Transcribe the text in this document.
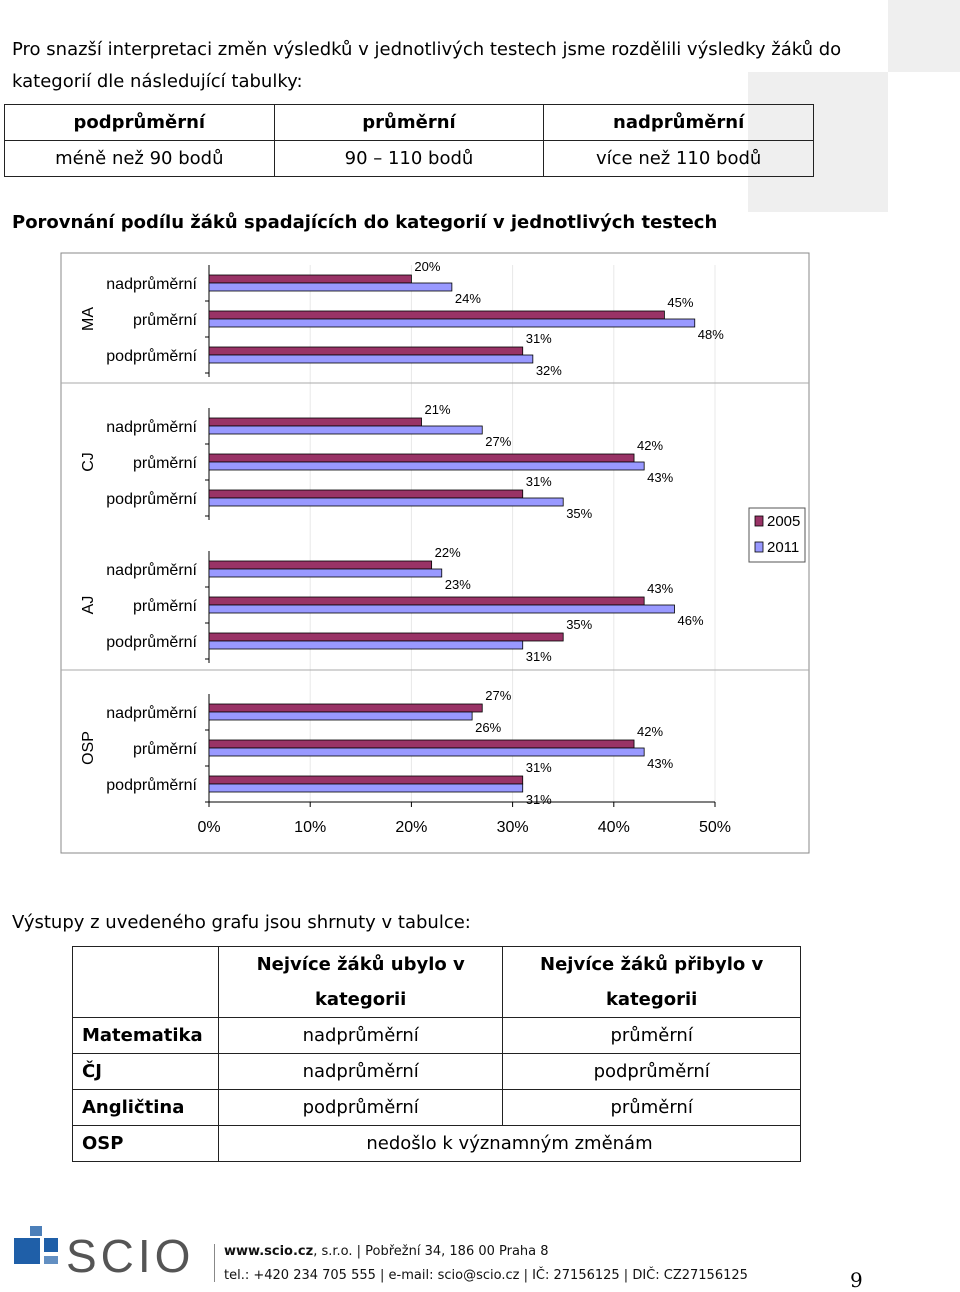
Pro snazší interpretaci změn výsledků v jednotlivých testech jsme rozdělili výsledky žáků do
kategorií dle následující tabulky:
podprůměrní	průměrní	nadprůměrní
méně než 90 bodů	90 – 110 bodů	více než 110 bodů
Porovnání podílu žáků spadajících do kategorií v jednotlivých testech
MA
nadprůměrní
20%
24%
průměrní
45%
48%
podprůměrní
31%
32%
CJ
nadprůměrní
21%
27%
průměrní
42%
43%
podprůměrní
31%
35%
AJ
nadprůměrní
22%
23%
průměrní
43%
46%
podprůměrní
35%
31%
OSP
nadprůměrní
27%
26%
průměrní
42%
43%
podprůměrní
31%
31%
0%	10%	20%	30%	40%	50%
2005
2011
Výstupy z uvedeného grafu jsou shrnuty v tabulce:
	Nejvíce žáků ubylo v kategorii	Nejvíce žáků přibylo v kategorii
Matematika	nadprůměrní	průměrní
ČJ	nadprůměrní	podprůměrní
Angličtina	podprůměrní	průměrní
OSP	nedošlo k významným změnám	
SCIO www.scio.cz, s.r.o. | Pobřežní 34, 186 00 Praha 8
tel.: +420 234 705 555 | e-mail: scio@scio.cz | IČ: 27156125 | DIČ: CZ27156125	9
